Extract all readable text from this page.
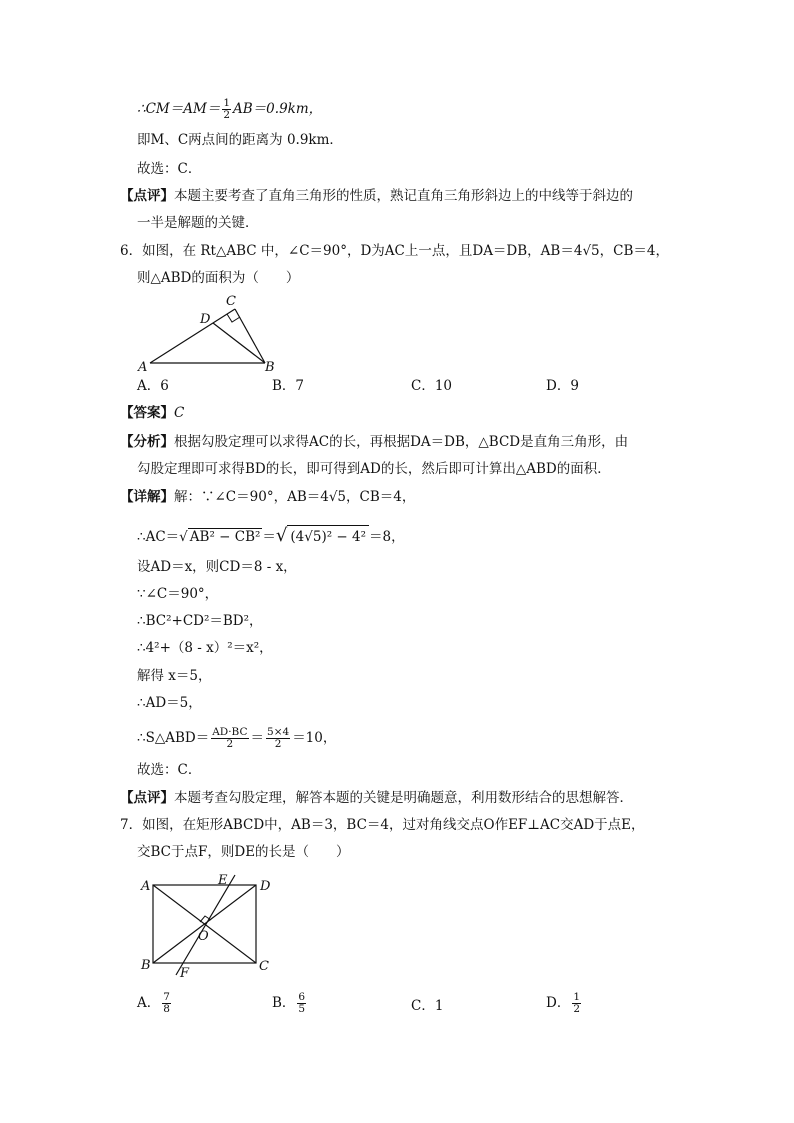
∴CM＝AM＝ $\frac{1}{2} AB=0.9km$，
即M、C两点间的距离为 0.9km．
故选：C．
【点评】本题主要考查了直角三角形的性质，熟记直角三角形斜边上的中线等于斜边的
一半是解题的关键．
6．如图，在 Rt△ABC 中，∠C＝90°，D为AC上一点，且DA＝DB，AB＝4√5，CB＝4，
则△ABD的面积为（　　）
A	B
C
D
A．6	B．7	C．10	D．9
【答案】C
【分析】根据勾股定理可以求得AC的长，再根据DA＝DB，△BCD是直角三角形，由
勾股定理即可求得BD的长，即可得到AD的长，然后即可计算出△ABD的面积．
【详解】解：∵∠C＝90°，AB＝4√5，CB＝4，
∴AC＝√ AB² − CB² ＝√ (4√5)² − 4² ＝8，
设AD＝x，则CD＝8 - x，
∵∠C＝90°，
∴BC²+CD²＝BD²，
∴4²+（8 - x）²＝x²，
解得 x＝5，
∴AD＝5，
∴S△ABD＝ $\frac{AD\cdot BC}{2} = \frac{5\times 4}{2} =10$，
故选：C．
【点评】本题考查勾股定理，解答本题的关键是明确题意，利用数形结合的思想解答．
7．如图，在矩形ABCD中，AB＝3，BC＝4，过对角线交点O作EF⊥AC交AD于点E，
交BC于点F，则DE的长是（　　）
A
B	C
D
E
F
O
A． $\frac{7}{8}$	B． $\frac{6}{5}$	C．1	D． $\frac{1}{2}$
